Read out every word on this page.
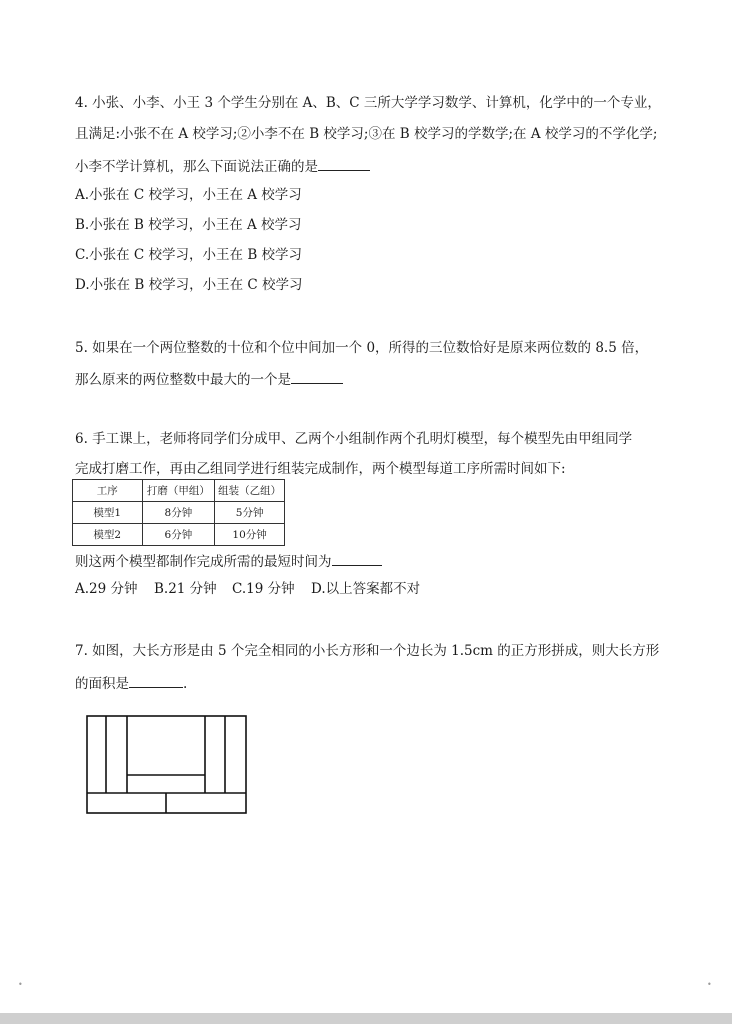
4. 小张、小李、小王 3 个学生分别在 A、B、C 三所大学学习数学、计算机，化学中的一个专业，
且满足:小张不在 A 校学习;②小李不在 B 校学习;③在 B 校学习的学数学;在 A 校学习的不学化学;
小李不学计算机，那么下面说法正确的是
A.小张在 C 校学习，小王在 A 校学习
B.小张在 B 校学习，小王在 A 校学习
C.小张在 C 校学习，小王在 B 校学习
D.小张在 B 校学习，小王在 C 校学习
5. 如果在一个两位整数的十位和个位中间加一个 0，所得的三位数恰好是原来两位数的 8.5 倍，
那么原来的两位整数中最大的一个是
6. 手工课上，老师将同学们分成甲、乙两个小组制作两个孔明灯模型，每个模型先由甲组同学
完成打磨工作，再由乙组同学进行组装完成制作，两个模型每道工序所需时间如下:
工序	打磨（甲组）	组装（乙组）
模型1	8分钟	5分钟
模型2	6分钟	10分钟
则这两个模型都制作完成所需的最短时间为
A.29 分钟 B.21 分钟 C.19 分钟 D.以上答案都不对
7. 如图，大长方形是由 5 个完全相同的小长方形和一个边长为 1.5cm 的正方形拼成，则大长方形
的面积是	.
•	•
